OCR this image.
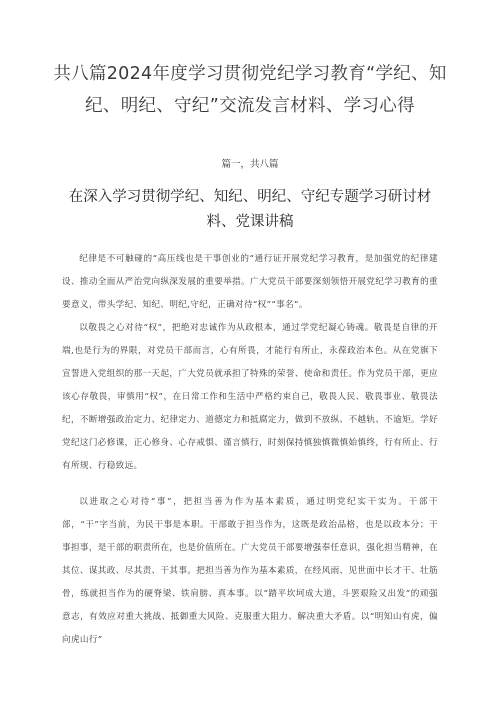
共八篇2024年度学习贯彻党纪学习教育“学纪、知纪、明纪、守纪”交流发言材料、学习心得

篇一，共八篇

在深入学习贯彻学纪、知纪、明纪、守纪专题学习研讨材料、党课讲稿

纪律是不可触碰的“高压线也是干事创业的“通行证开展党纪学习教育，是加强党的纪律建设、推动全面从严治党向纵深发展的重要举措。广大党员干部要深刻领悟开展党纪学习教育的重要意义，带头学纪、知纪、明纪,守纪，正确对待“权”“事名”。

以敬畏之心对待“权”，把绝对忠诚作为从政根本，通过学党纪凝心铸魂。敬畏是自律的开端,也是行为的界限，对党员干部而言，心有所畏，才能行有所止，永葆政治本色。从在党旗下宣誓进入党组织的那一天起，广大党员就承担了特殊的荣誉、使命和责任。作为党员干部，更应该心存敬畏，审慎用“权”，在日常工作和生活中严格约束自己，敬畏人民、敬畏事业、敬畏法纪，不断增强政治定力、纪律定力、道德定力和抵腐定力，做到不放纵、不越轨、不逾矩。学好党纪这门必修课，正心修身、心存戒惧、谨言慎行，时刻保持慎独慎微慎始慎终，行有所止、行有所规、行稳致远。

以进取之心对待“事”，把担当善为作为基本素质，通过明党纪实干实为。干部干部，“干”字当前，为民干事是本职。干部敢于担当作为，这既是政治品格，也是以政本分；干事担事，是干部的职责所在，也是价值所在。广大党员干部要增强奉任意识，强化担当精神，在其位、谋其政、尽其责、干其事。把担当善为作为基本素质，在经风雨、见世面中长才干、壮筋骨，练就担当作为的硬脊梁、铁肩膀、真本事。以“踏平坎坷成大道，斗罢艰险又出发”的顽强意志，有效应对重大挑战、抵御重大风险、克服重大阻力、解决重大矛盾。以“明知山有虎，偏向虎山行”
